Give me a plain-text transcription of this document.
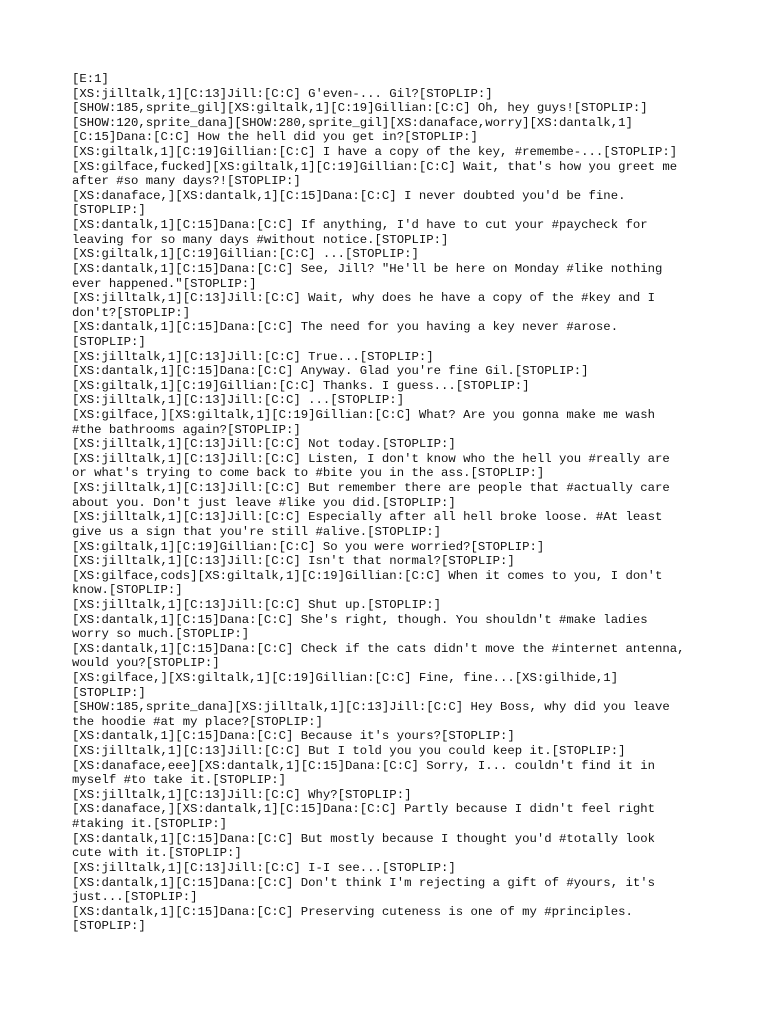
[E:1]
[XS:jilltalk,1][C:13]Jill:[C:C] G'even-... Gil?[STOPLIP:]
[SHOW:185,sprite_gil][XS:giltalk,1][C:19]Gillian:[C:C] Oh, hey guys![STOPLIP:]
[SHOW:120,sprite_dana][SHOW:280,sprite_gil][XS:danaface,worry][XS:dantalk,1]
[C:15]Dana:[C:C] How the hell did you get in?[STOPLIP:]
[XS:giltalk,1][C:19]Gillian:[C:C] I have a copy of the key, #remembe-...[STOPLIP:]
[XS:gilface,fucked][XS:giltalk,1][C:19]Gillian:[C:C] Wait, that's how you greet me
after #so many days?![STOPLIP:]
[XS:danaface,][XS:dantalk,1][C:15]Dana:[C:C] I never doubted you'd be fine.
[STOPLIP:]
[XS:dantalk,1][C:15]Dana:[C:C] If anything, I'd have to cut your #paycheck for
leaving for so many days #without notice.[STOPLIP:]
[XS:giltalk,1][C:19]Gillian:[C:C] ...[STOPLIP:]
[XS:dantalk,1][C:15]Dana:[C:C] See, Jill? "He'll be here on Monday #like nothing
ever happened."[STOPLIP:]
[XS:jilltalk,1][C:13]Jill:[C:C] Wait, why does he have a copy of the #key and I
don't?[STOPLIP:]
[XS:dantalk,1][C:15]Dana:[C:C] The need for you having a key never #arose.
[STOPLIP:]
[XS:jilltalk,1][C:13]Jill:[C:C] True...[STOPLIP:]
[XS:dantalk,1][C:15]Dana:[C:C] Anyway. Glad you're fine Gil.[STOPLIP:]
[XS:giltalk,1][C:19]Gillian:[C:C] Thanks. I guess...[STOPLIP:]
[XS:jilltalk,1][C:13]Jill:[C:C] ...[STOPLIP:]
[XS:gilface,][XS:giltalk,1][C:19]Gillian:[C:C] What? Are you gonna make me wash
#the bathrooms again?[STOPLIP:]
[XS:jilltalk,1][C:13]Jill:[C:C] Not today.[STOPLIP:]
[XS:jilltalk,1][C:13]Jill:[C:C] Listen, I don't know who the hell you #really are
or what's trying to come back to #bite you in the ass.[STOPLIP:]
[XS:jilltalk,1][C:13]Jill:[C:C] But remember there are people that #actually care
about you. Don't just leave #like you did.[STOPLIP:]
[XS:jilltalk,1][C:13]Jill:[C:C] Especially after all hell broke loose. #At least
give us a sign that you're still #alive.[STOPLIP:]
[XS:giltalk,1][C:19]Gillian:[C:C] So you were worried?[STOPLIP:]
[XS:jilltalk,1][C:13]Jill:[C:C] Isn't that normal?[STOPLIP:]
[XS:gilface,cods][XS:giltalk,1][C:19]Gillian:[C:C] When it comes to you, I don't
know.[STOPLIP:]
[XS:jilltalk,1][C:13]Jill:[C:C] Shut up.[STOPLIP:]
[XS:dantalk,1][C:15]Dana:[C:C] She's right, though. You shouldn't #make ladies
worry so much.[STOPLIP:]
[XS:dantalk,1][C:15]Dana:[C:C] Check if the cats didn't move the #internet antenna,
would you?[STOPLIP:]
[XS:gilface,][XS:giltalk,1][C:19]Gillian:[C:C] Fine, fine...[XS:gilhide,1]
[STOPLIP:]
[SHOW:185,sprite_dana][XS:jilltalk,1][C:13]Jill:[C:C] Hey Boss, why did you leave
the hoodie #at my place?[STOPLIP:]
[XS:dantalk,1][C:15]Dana:[C:C] Because it's yours?[STOPLIP:]
[XS:jilltalk,1][C:13]Jill:[C:C] But I told you you could keep it.[STOPLIP:]
[XS:danaface,eee][XS:dantalk,1][C:15]Dana:[C:C] Sorry, I... couldn't find it in
myself #to take it.[STOPLIP:]
[XS:jilltalk,1][C:13]Jill:[C:C] Why?[STOPLIP:]
[XS:danaface,][XS:dantalk,1][C:15]Dana:[C:C] Partly because I didn't feel right
#taking it.[STOPLIP:]
[XS:dantalk,1][C:15]Dana:[C:C] But mostly because I thought you'd #totally look
cute with it.[STOPLIP:]
[XS:jilltalk,1][C:13]Jill:[C:C] I-I see...[STOPLIP:]
[XS:dantalk,1][C:15]Dana:[C:C] Don't think I'm rejecting a gift of #yours, it's
just...[STOPLIP:]
[XS:dantalk,1][C:15]Dana:[C:C] Preserving cuteness is one of my #principles.
[STOPLIP:]
